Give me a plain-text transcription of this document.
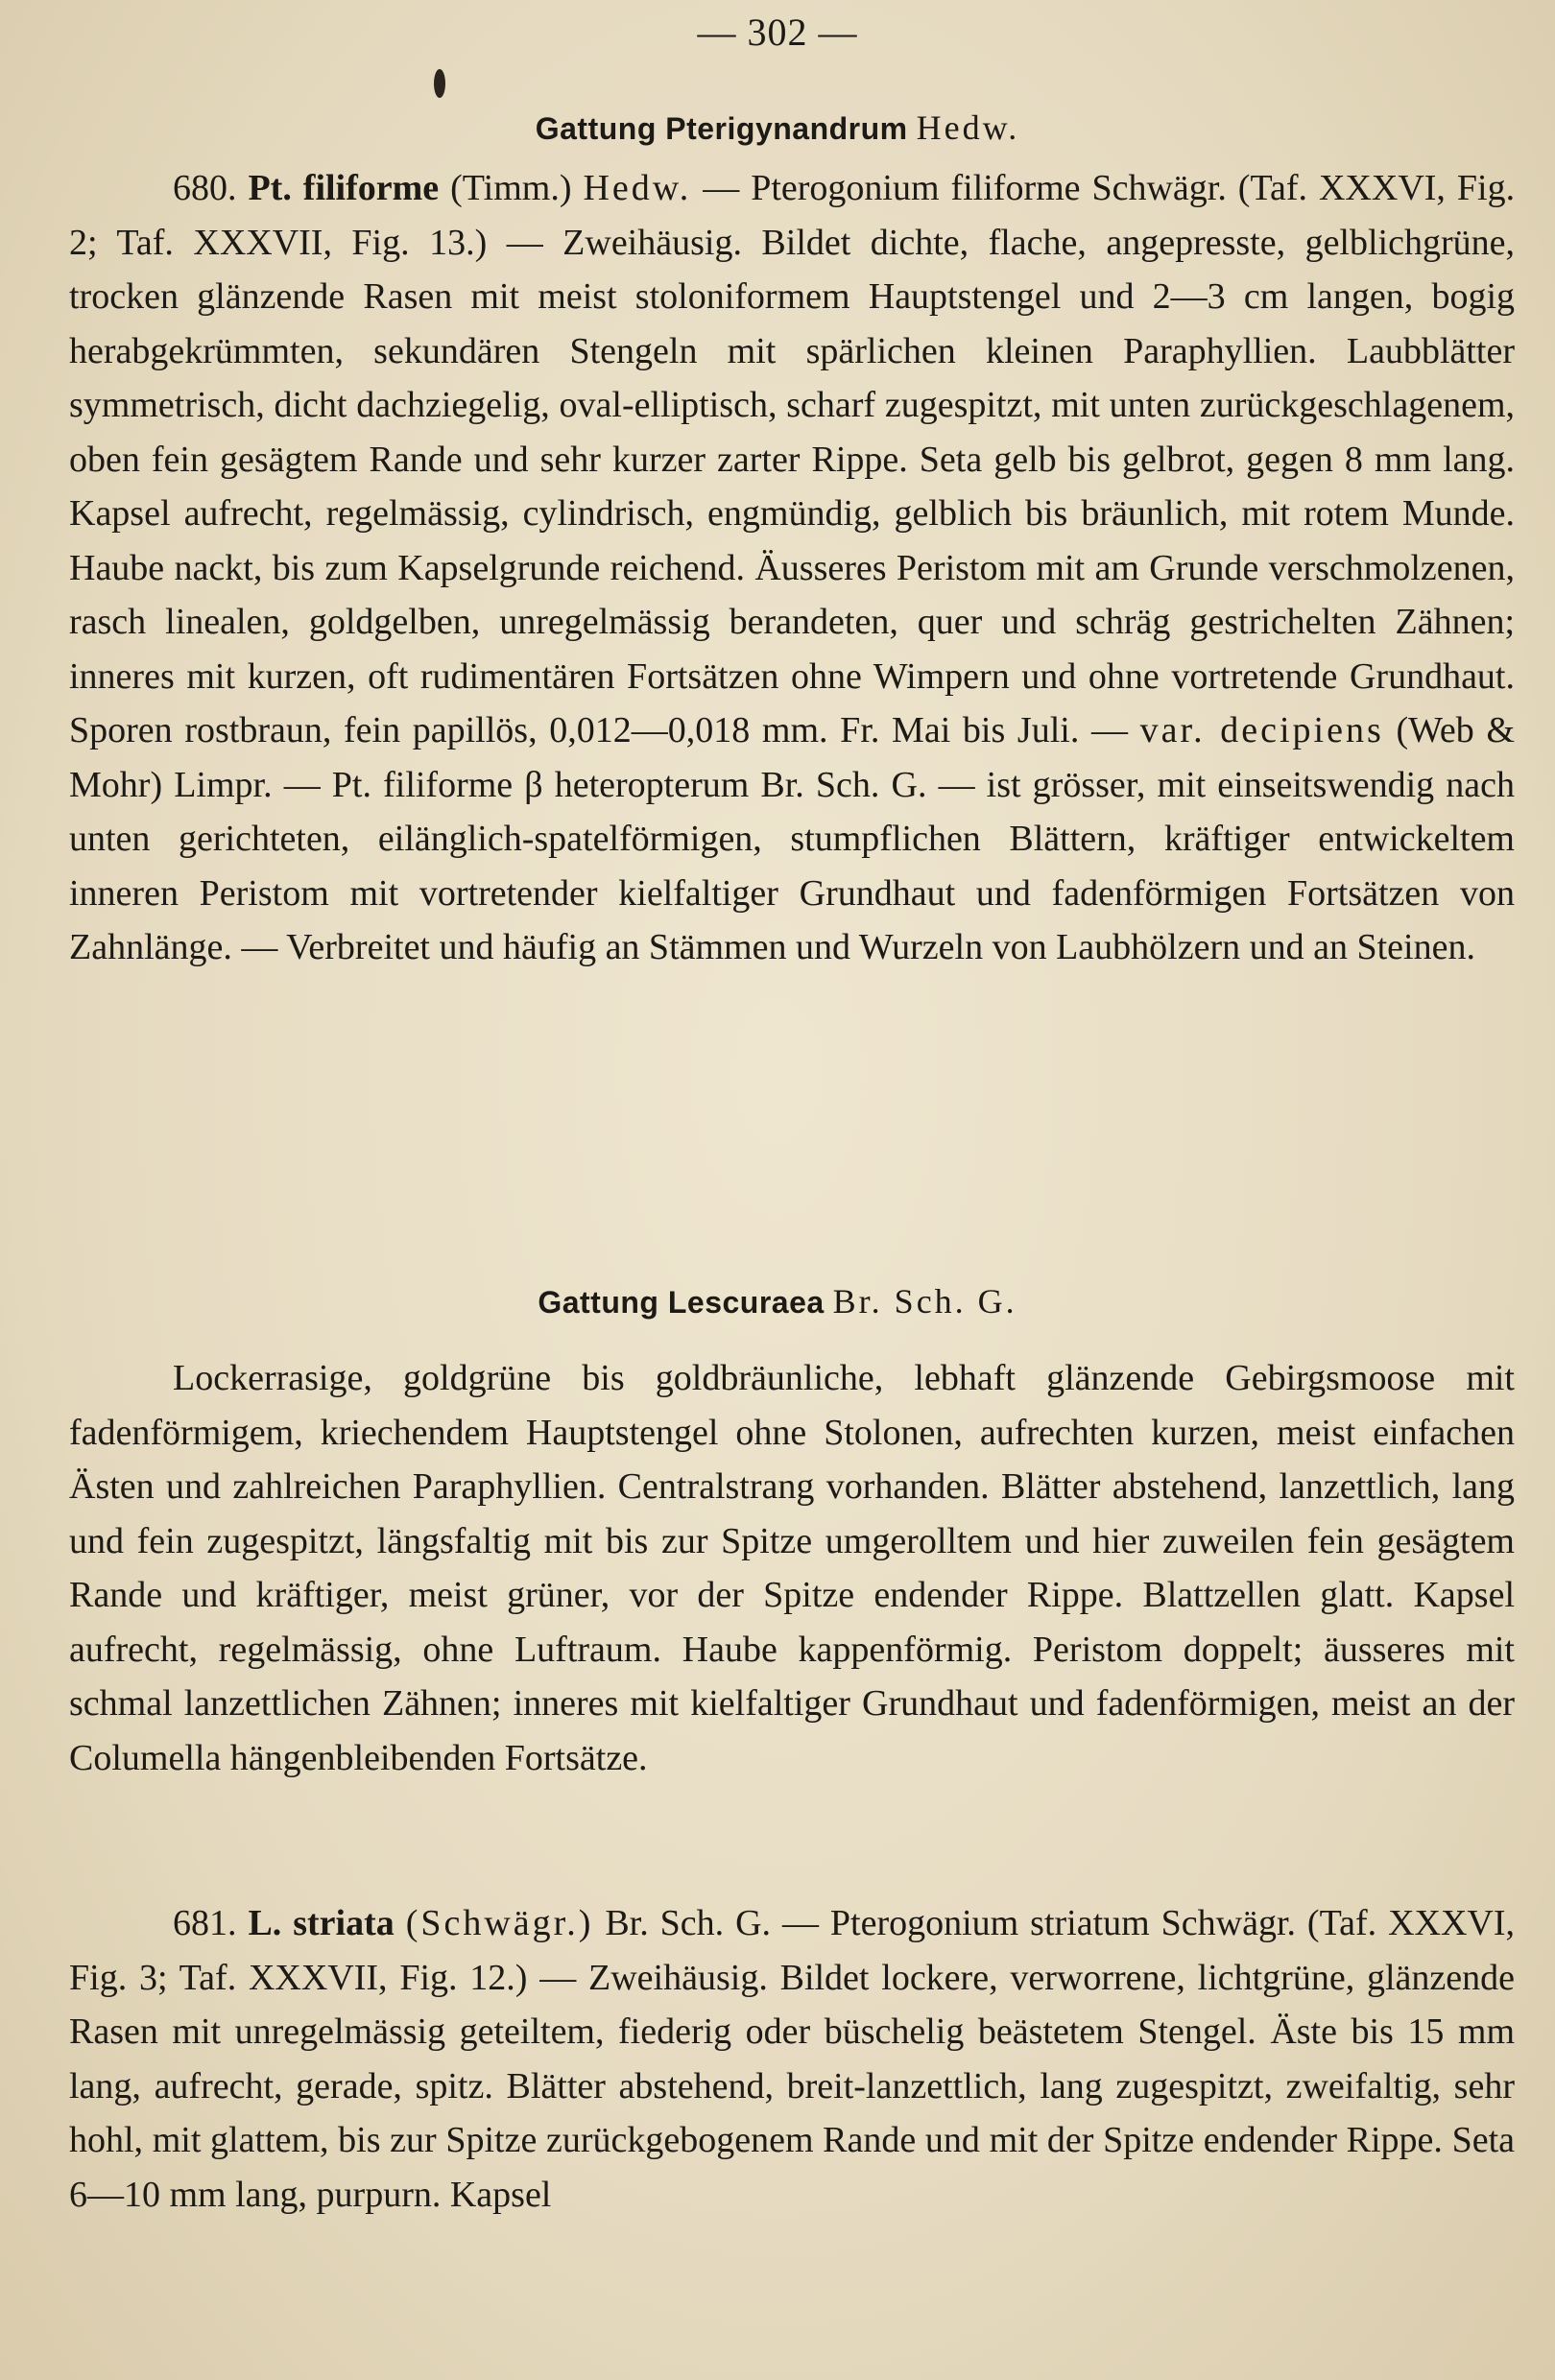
— 302 —
Gattung Pterigynandrum Hedw.

680. Pt. filiforme (Timm.) Hedw. — Pterogonium filiforme Schwägr. (Taf. XXXVI, Fig. 2; Taf. XXXVII, Fig. 13.) — Zweihäusig. Bildet dichte, flache, angepresste, gelblichgrüne, trocken glänzende Rasen mit meist stoloniformem Hauptstengel und 2—3 cm langen, bogig herabgekrümmten, sekundären Stengeln mit spärlichen kleinen Paraphyllien. Laubblätter symmetrisch, dicht dachziegelig, oval-elliptisch, scharf zugespitzt, mit unten zurückgeschlagenem, oben fein gesägtem Rande und sehr kurzer zarter Rippe. Seta gelb bis gelbrot, gegen 8 mm lang. Kapsel aufrecht, regelmässig, cylindrisch, engmündig, gelblich bis bräunlich, mit rotem Munde. Haube nackt, bis zum Kapselgrunde reichend. Äusseres Peristom mit am Grunde verschmolzenen, rasch linealen, goldgelben, unregelmässig berandeten, quer und schräg gestrichelten Zähnen; inneres mit kurzen, oft rudimentären Fortsätzen ohne Wimpern und ohne vortretende Grundhaut. Sporen rostbraun, fein papillös, 0,012—0,018 mm. Fr. Mai bis Juli. — var. decipiens (Web & Mohr) Limpr. — Pt. filiforme β heteropterum Br. Sch. G. — ist grösser, mit einseitswendig nach unten gerichteten, eilänglich-spatelförmigen, stumpflichen Blättern, kräftiger entwickeltem inneren Peristom mit vortretender kielfaltiger Grundhaut und fadenförmigen Fortsätzen von Zahnlänge. — Verbreitet und häufig an Stämmen und Wurzeln von Laubhölzern und an Steinen.

Gattung Lescuraea Br. Sch. G.

Lockerrasige, goldgrüne bis goldbräunliche, lebhaft glänzende Gebirgsmoose mit fadenförmigem, kriechendem Hauptstengel ohne Stolonen, aufrechten kurzen, meist einfachen Ästen und zahlreichen Paraphyllien. Centralstrang vorhanden. Blätter abstehend, lanzettlich, lang und fein zugespitzt, längsfaltig mit bis zur Spitze umgerolltem und hier zuweilen fein gesägtem Rande und kräftiger, meist grüner, vor der Spitze endender Rippe. Blattzellen glatt. Kapsel aufrecht, regelmässig, ohne Luftraum. Haube kappenförmig. Peristom doppelt; äusseres mit schmal lanzettlichen Zähnen; inneres mit kielfaltiger Grundhaut und fadenförmigen, meist an der Columella hängenbleibenden Fortsätze.

681. L. striata (Schwägr.) Br. Sch. G. — Pterogonium striatum Schwägr. (Taf. XXXVI, Fig. 3; Taf. XXXVII, Fig. 12.) — Zweihäusig. Bildet lockere, verworrene, lichtgrüne, glänzende Rasen mit unregelmässig geteiltem, fiederig oder büschelig beästetem Stengel. Äste bis 15 mm lang, aufrecht, gerade, spitz. Blätter abstehend, breit-lanzettlich, lang zugespitzt, zweifaltig, sehr hohl, mit glattem, bis zur Spitze zurückgebogenem Rande und mit der Spitze endender Rippe. Seta 6—10 mm lang, purpurn. Kapsel
